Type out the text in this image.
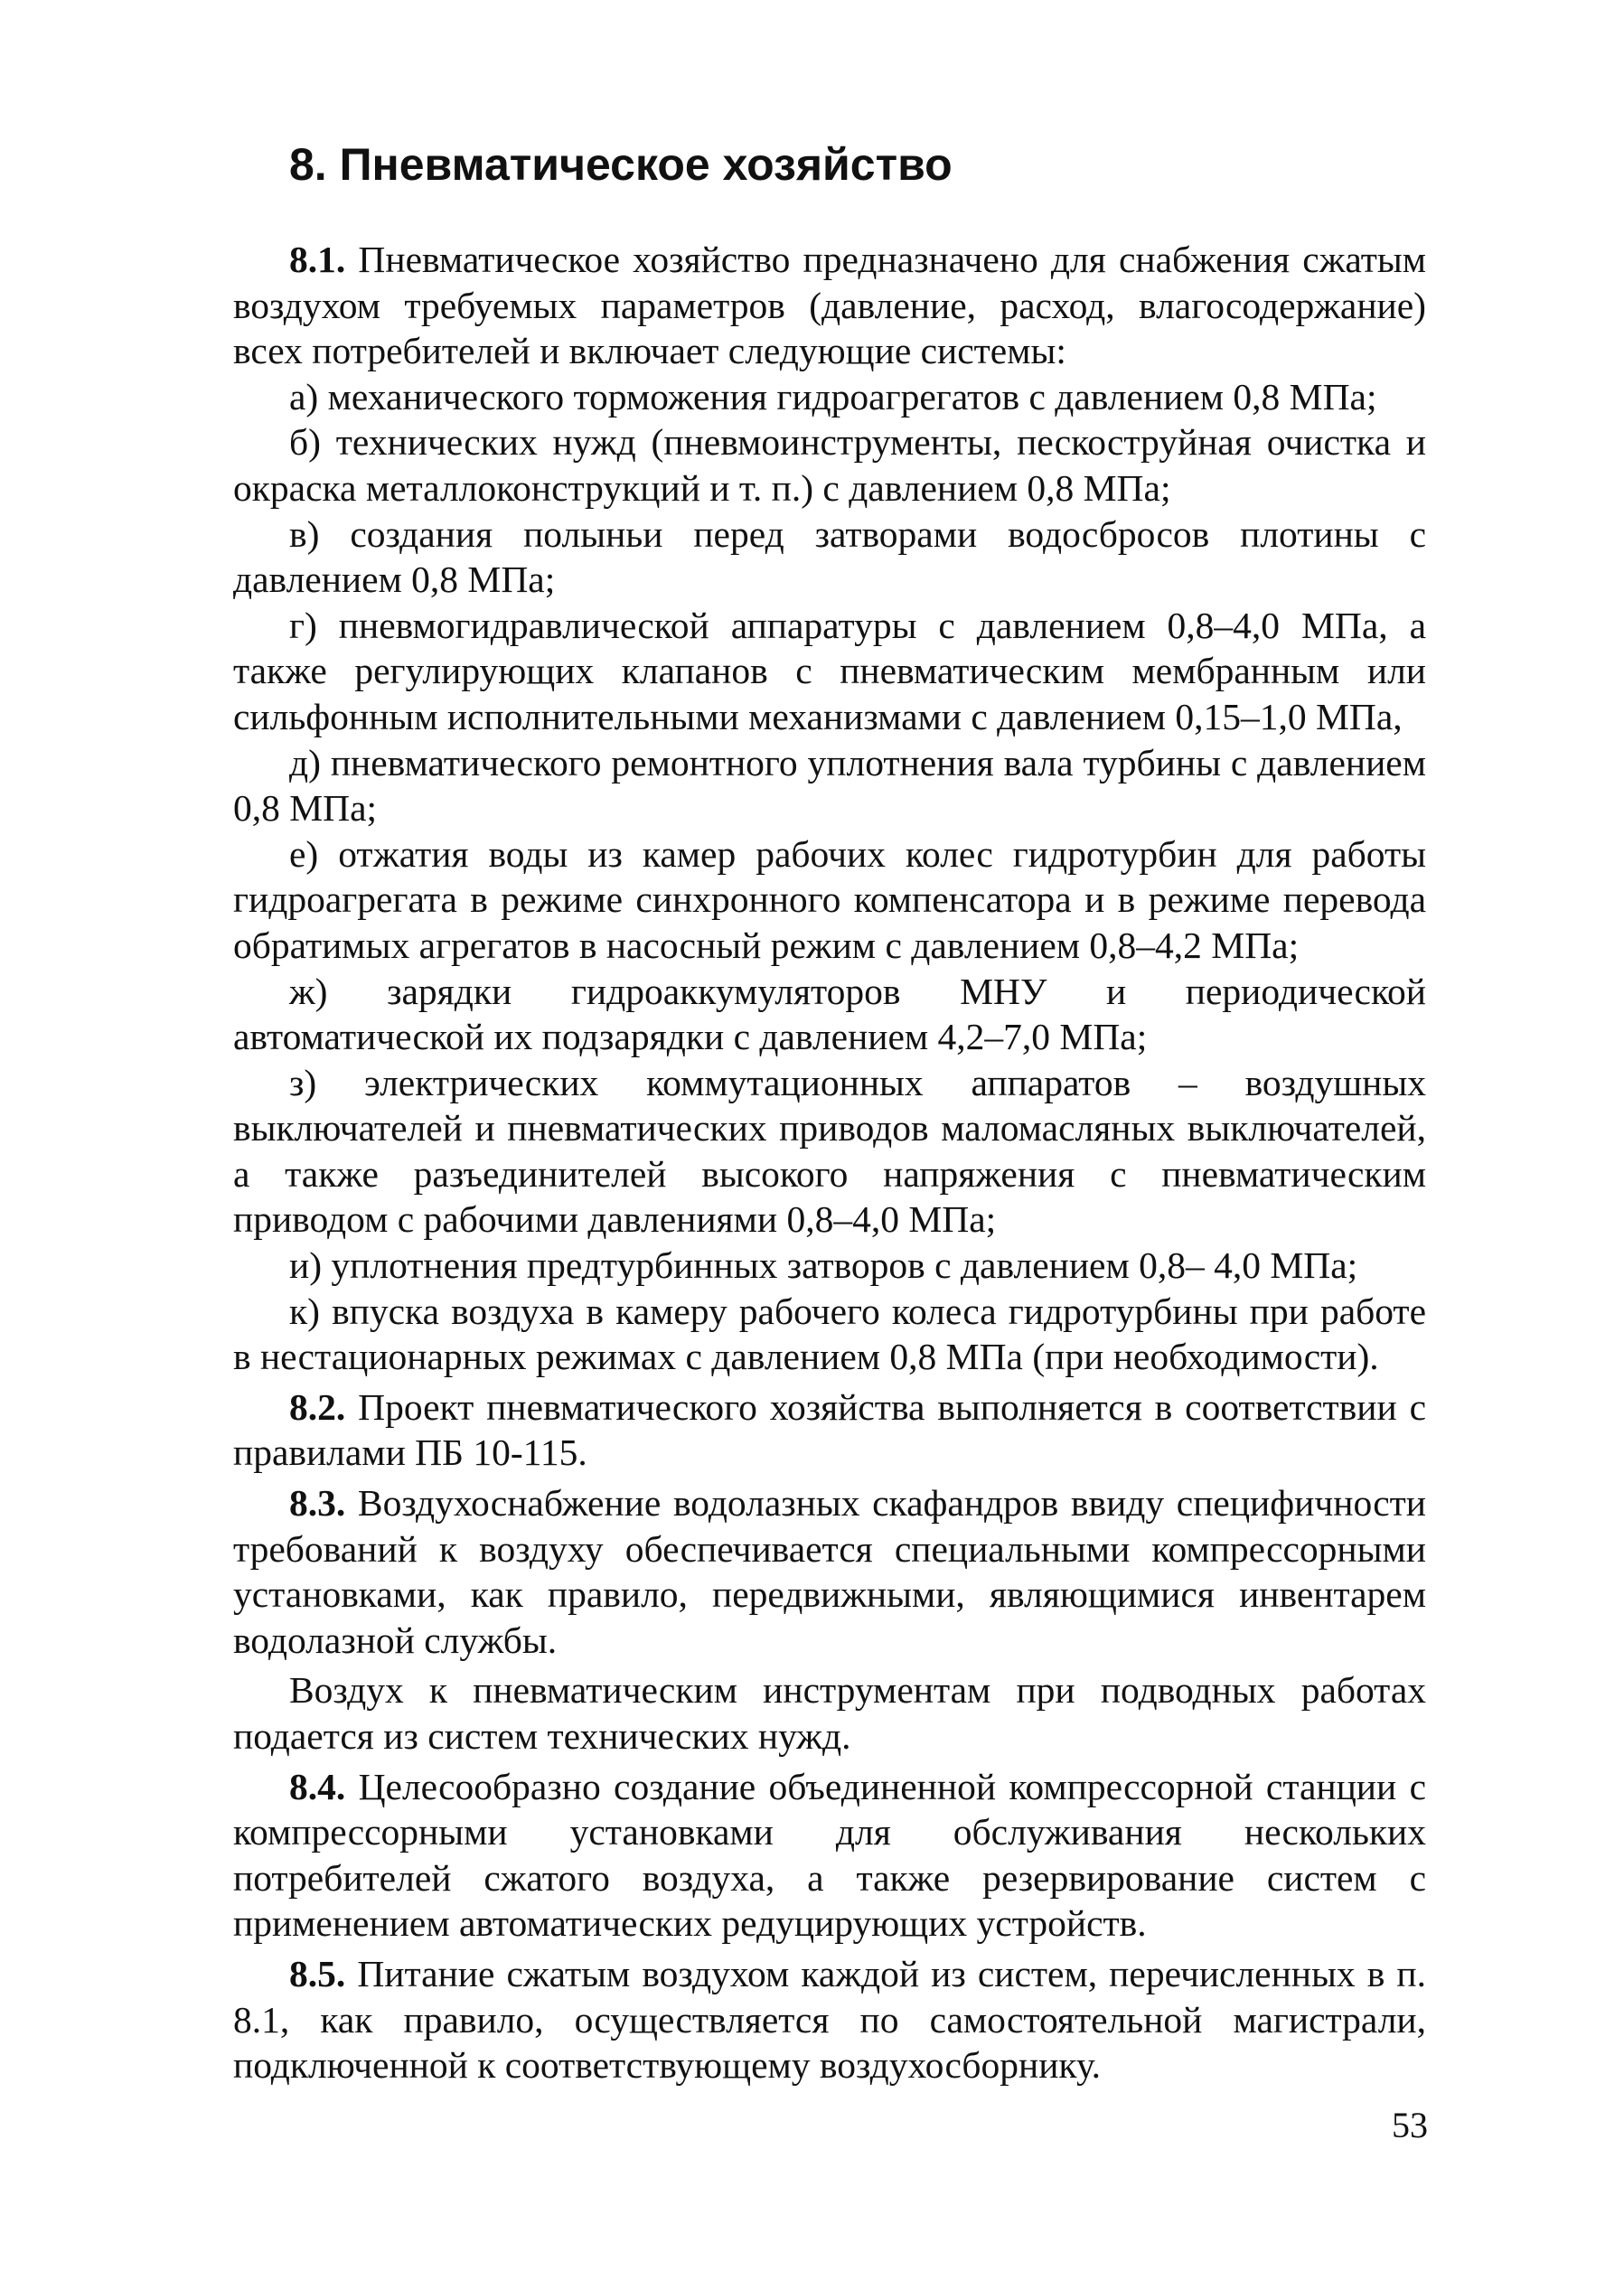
8. Пневматическое хозяйство

8.1. Пневматическое хозяйство предназначено для снабжения сжатым воздухом требуемых параметров (давление, расход, влагосодержание) всех потребителей и включает следующие системы:

а) механического торможения гидроагрегатов с давлением 0,8 МПа;

б) технических нужд (пневмоинструменты, пескоструйная очистка и окраска металлоконструкций и т. п.) с давлением 0,8 МПа;

в) создания полыньи перед затворами водосбросов плотины с давлением 0,8 МПа;

г) пневмогидравлической аппаратуры с давлением 0,8–4,0 МПа, а также регулирующих клапанов с пневматическим мембранным или сильфонным исполнительными механизмами с давлением 0,15–1,0 МПа,

д) пневматического ремонтного уплотнения вала турбины с давлением 0,8 МПа;

е) отжатия воды из камер рабочих колес гидротурбин для работы гидроагрегата в режиме синхронного компенсатора и в режиме перевода обратимых агрегатов в насосный режим с давлением 0,8–4,2 МПа;

ж) зарядки гидроаккумуляторов МНУ и периодической автоматической их подзарядки с давлением 4,2–7,0 МПа;

з) электрических коммутационных аппаратов – воздушных выключателей и пневматических приводов маломасляных выключателей, а также разъединителей высокого напряжения с пневматическим приводом с рабочими давлениями 0,8–4,0 МПа;

и) уплотнения предтурбинных затворов с давлением 0,8– 4,0 МПа;

к) впуска воздуха в камеру рабочего колеса гидротурбины при работе в нестационарных режимах с давлением 0,8 МПа (при необходимости).

8.2. Проект пневматического хозяйства выполняется в соответствии с правилами ПБ 10-115.

8.3. Воздухоснабжение водолазных скафандров ввиду специфичности требований к воздуху обеспечивается специальными компрессорными установками, как правило, передвижными, являющимися инвентарем водолазной службы.

Воздух к пневматическим инструментам при подводных работах подается из систем технических нужд.

8.4. Целесообразно создание объединенной компрессорной станции с компрессорными установками для обслуживания нескольких потребителей сжатого воздуха, а также резервирование систем с применением автоматических редуцирующих устройств.

8.5. Питание сжатым воздухом каждой из систем, перечисленных в п. 8.1, как правило, осуществляется по самостоятельной магистрали, подключенной к соответствующему воздухосборнику.

53
